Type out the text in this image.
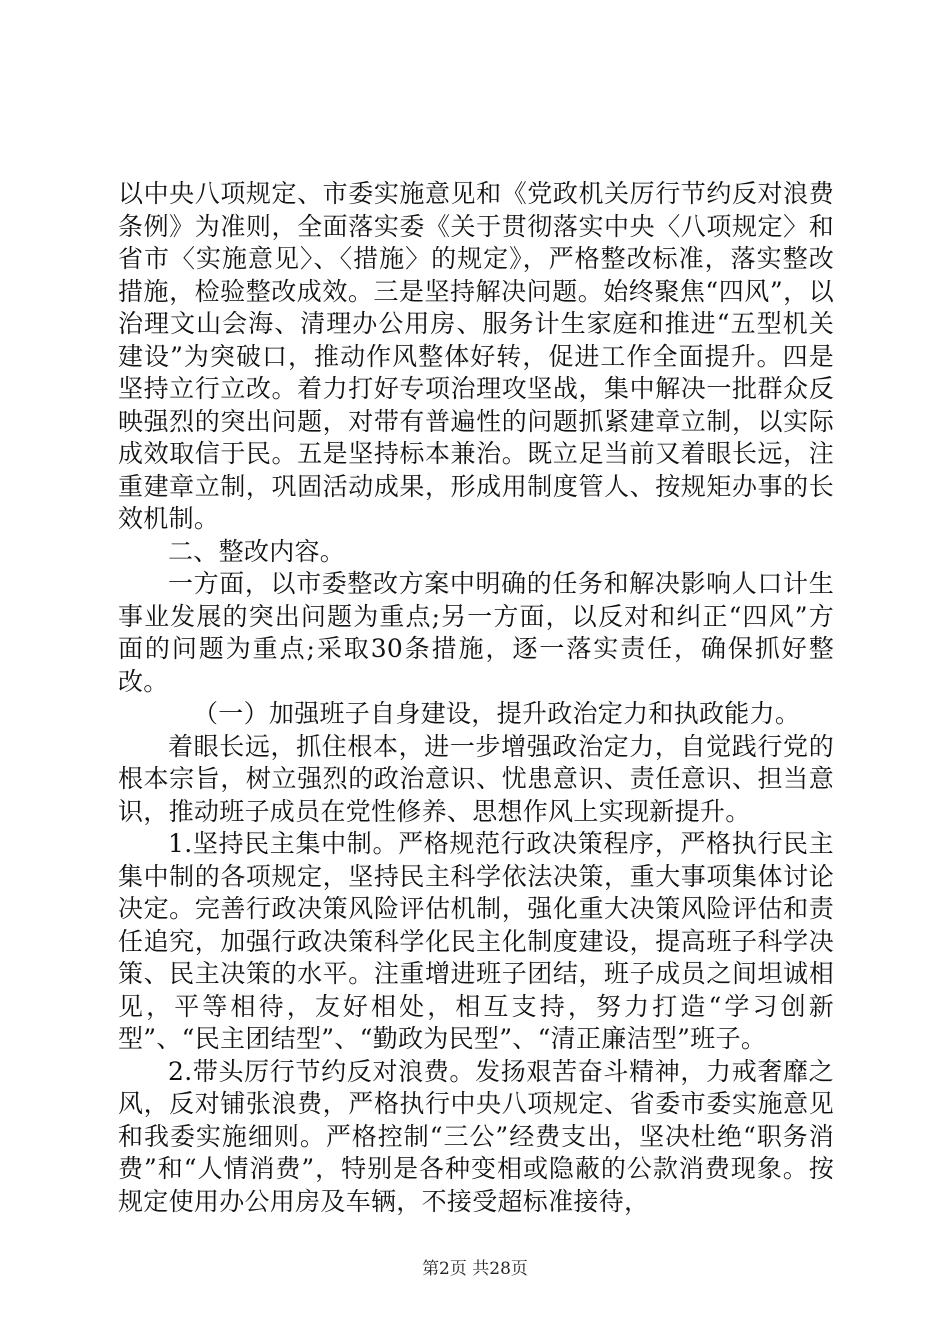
以中央八项规定、市委实施意见和《党政机关厉行节约反对浪费条例》为准则，全面落实委《关于贯彻落实中央〈八项规定〉和省市〈实施意见〉、〈措施〉的规定》，严格整改标准，落实整改措施，检验整改成效。三是坚持解决问题。始终聚焦“四风”，以治理文山会海、清理办公用房、服务计生家庭和推进“五型机关建设”为突破口，推动作风整体好转，促进工作全面提升。四是坚持立行立改。着力打好专项治理攻坚战，集中解决一批群众反映强烈的突出问题，对带有普遍性的问题抓紧建章立制，以实际成效取信于民。五是坚持标本兼治。既立足当前又着眼长远，注重建章立制，巩固活动成果，形成用制度管人、按规矩办事的长效机制。

二、整改内容。

一方面，以市委整改方案中明确的任务和解决影响人口计生事业发展的突出问题为重点;另一方面，以反对和纠正“四风”方面的问题为重点;采取30条措施，逐一落实责任，确保抓好整改。

（一）加强班子自身建设，提升政治定力和执政能力。

着眼长远，抓住根本，进一步增强政治定力，自觉践行党的根本宗旨，树立强烈的政治意识、忧患意识、责任意识、担当意识，推动班子成员在党性修养、思想作风上实现新提升。

1.坚持民主集中制。严格规范行政决策程序，严格执行民主集中制的各项规定，坚持民主科学依法决策，重大事项集体讨论决定。完善行政决策风险评估机制，强化重大决策风险评估和责任追究，加强行政决策科学化民主化制度建设，提高班子科学决策、民主决策的水平。注重增进班子团结，班子成员之间坦诚相见，平等相待，友好相处，相互支持，努力打造“学习创新型”、“民主团结型”、“勤政为民型”、“清正廉洁型”班子。

2.带头厉行节约反对浪费。发扬艰苦奋斗精神，力戒奢靡之风，反对铺张浪费，严格执行中央八项规定、省委市委实施意见和我委实施细则。严格控制“三公”经费支出，坚决杜绝“职务消费”和“人情消费”，特别是各种变相或隐蔽的公款消费现象。按规定使用办公用房及车辆，不接受超标准接待，

第2页 共28页
